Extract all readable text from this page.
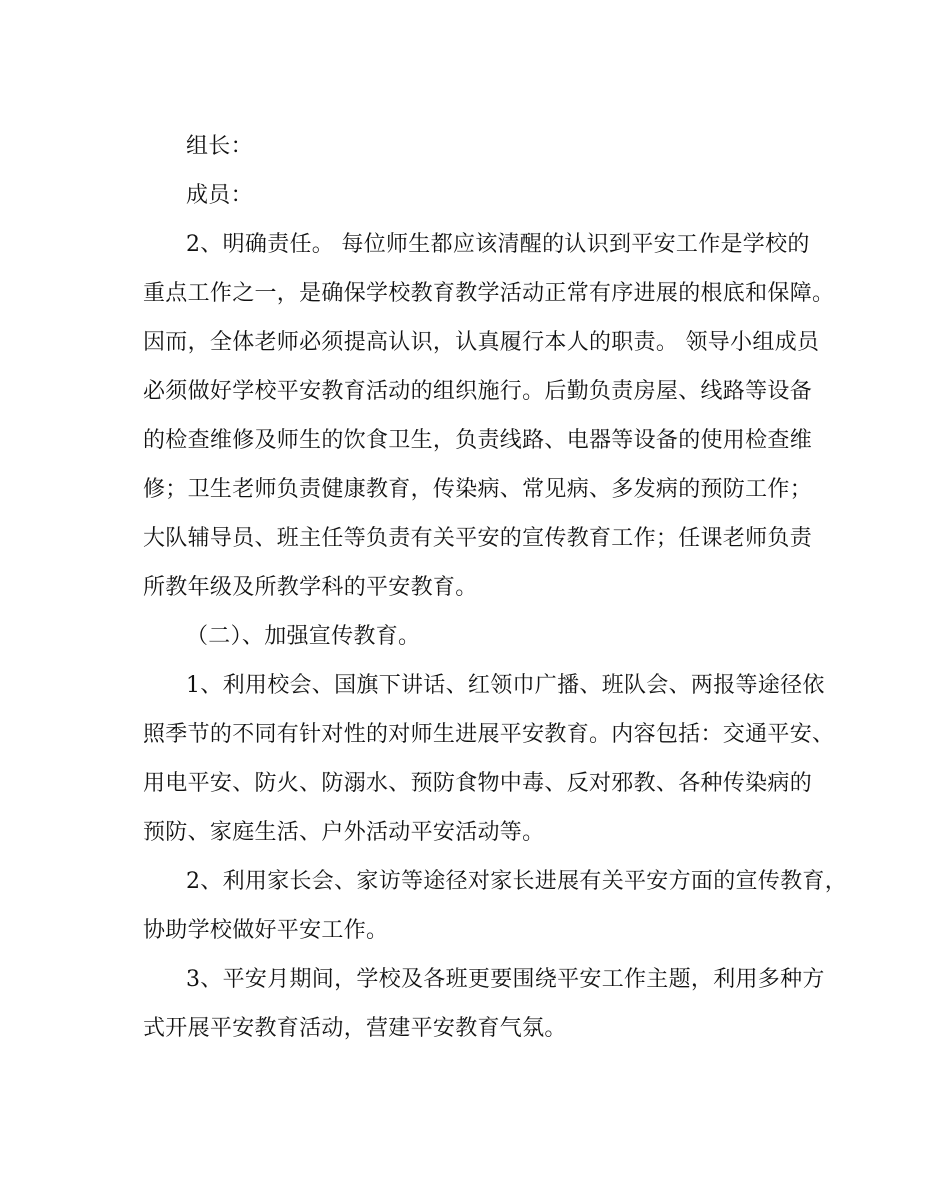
组长：
成员：
2、明确责任。 每位师生都应该清醒的认识到平安工作是学校的
重点工作之一，是确保学校教育教学活动正常有序进展的根底和保障。
因而，全体老师必须提高认识，认真履行本人的职责。 领导小组成员
必须做好学校平安教育活动的组织施行。后勤负责房屋、线路等设备
的检查维修及师生的饮食卫生，负责线路、电器等设备的使用检查维
修；卫生老师负责健康教育，传染病、常见病、多发病的预防工作；
大队辅导员、班主任等负责有关平安的宣传教育工作；任课老师负责
所教年级及所教学科的平安教育。
（二）、加强宣传教育。
1、利用校会、国旗下讲话、红领巾广播、班队会、两报等途径依
照季节的不同有针对性的对师生进展平安教育。内容包括：交通平安、
用电平安、防火、防溺水、预防食物中毒、反对邪教、各种传染病的
预防、家庭生活、户外活动平安活动等。
2、利用家长会、家访等途径对家长进展有关平安方面的宣传教育，
协助学校做好平安工作。
3、平安月期间，学校及各班更要围绕平安工作主题，利用多种方
式开展平安教育活动，营建平安教育气氛。
